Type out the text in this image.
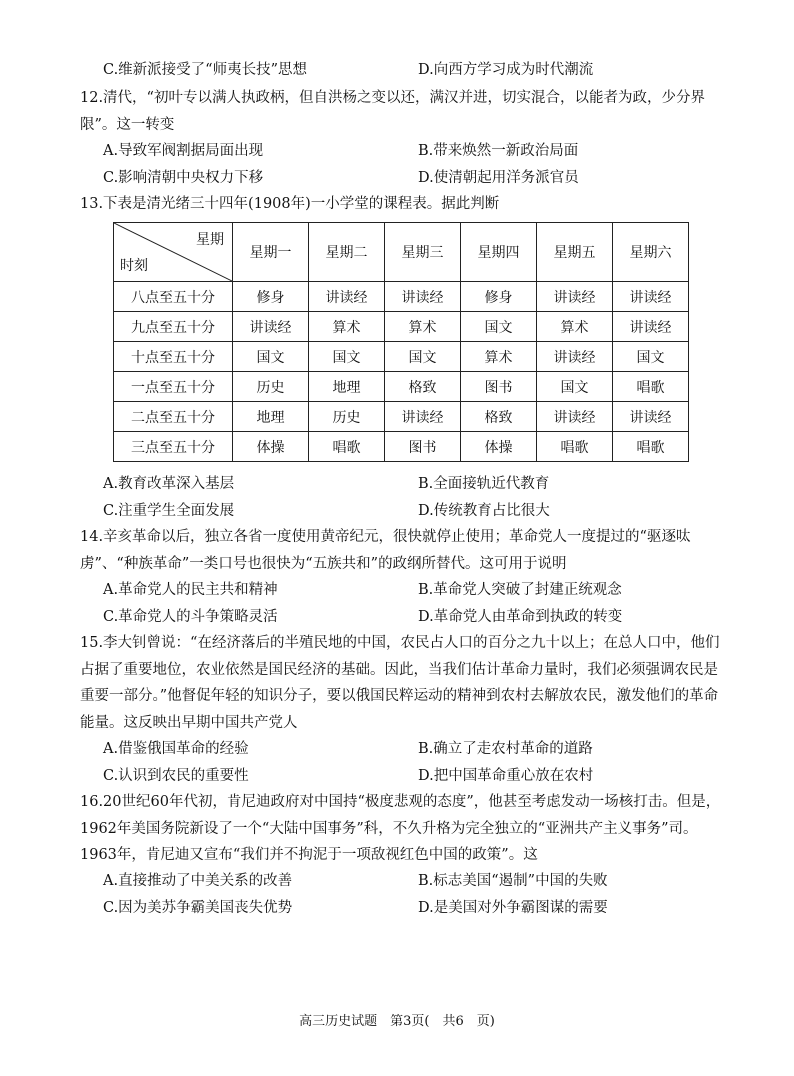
C.维新派接受了“师夷长技”思想	D.向西方学习成为时代潮流

12.清代，“初叶专以满人执政柄，但自洪杨之变以还，满汉并进，切实混合，以能者为政，少分界限”。这一转变

A.导致军阀割据局面出现	B.带来焕然一新政治局面
C.影响清朝中央权力下移	D.使清朝起用洋务派官员

13.下表是清光绪三十四年(1908年)一小学堂的课程表。据此判断

星期
时刻	星期一	星期二	星期三	星期四	星期五	星期六
八点至五十分	修身	讲读经	讲读经	修身	讲读经	讲读经
九点至五十分	讲读经	算术	算术	国文	算术	讲读经
十点至五十分	国文	国文	国文	算术	讲读经	国文
一点至五十分	历史	地理	格致	图书	国文	唱歌
二点至五十分	地理	历史	讲读经	格致	讲读经	讲读经
三点至五十分	体操	唱歌	图书	体操	唱歌	唱歌
A.教育改革深入基层	B.全面接轨近代教育
C.注重学生全面发展	D.传统教育占比很大

14.辛亥革命以后，独立各省一度使用黄帝纪元，很快就停止使用；革命党人一度提过的“驱逐呔虏”、“种族革命”一类口号也很快为“五族共和”的政纲所替代。这可用于说明

A.革命党人的民主共和精神	B.革命党人突破了封建正统观念
C.革命党人的斗争策略灵活	D.革命党人由革命到执政的转变

15.李大钊曾说：“在经济落后的半殖民地的中国，农民占人口的百分之九十以上；在总人口中，他们占据了重要地位，农业依然是国民经济的基础。因此，当我们估计革命力量时，我们必须强调农民是重要一部分。”他督促年轻的知识分子，要以俄国民粹运动的精神到农村去解放农民，激发他们的革命能量。这反映出早期中国共产党人

A.借鉴俄国革命的经验	B.确立了走农村革命的道路
C.认识到农民的重要性	D.把中国革命重心放在农村

16.20世纪60年代初，肯尼迪政府对中国持“极度悲观的态度”，他甚至考虑发动一场核打击。但是，1962年美国务院新设了一个“大陆中国事务”科，不久升格为完全独立的“亚洲共产主义事务”司。1963年，肯尼迪又宣布“我们并不拘泥于一项敌视红色中国的政策”。这

A.直接推动了中美关系的改善	B.标志美国“遏制”中国的失败
C.因为美苏争霸美国丧失优势	D.是美国对外争霸图谋的需要
高三历史试题　第3页(　共6　页)
